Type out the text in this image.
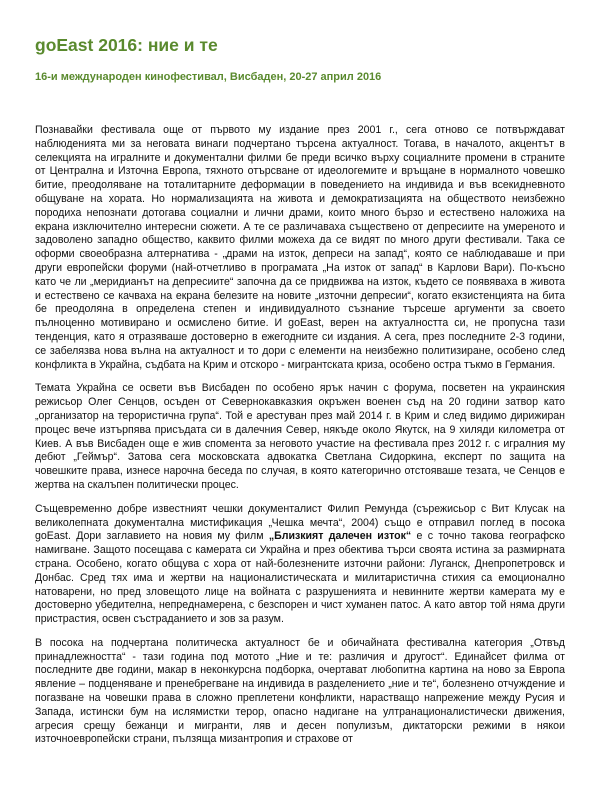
goEast 2016: ние и те
16-и международен кинофестивал, Висбаден, 20-27 април 2016

Познавайки фестивала още от първото му издание през 2001 г., сега отново се потвърждават наблюденията ми за неговата винаги подчертано търсена актуалност. Тогава, в началото, акцентът в селекцията на игралните и документални филми бе преди всичко върху социалните промени в страните от Централна и Източна Европа, тяхното отърсване от идеологемите и връщане в нормалното човешко битие, преодоляване на тоталитарните деформации в поведението на индивида и във всекидневното общуване на хората. Но нормализацията на живота и демократизацията на обществото неизбежно породиха непознати дотогава социални и лични драми, които много бързо и естествено наложиха на екрана изключително интересни сюжети. А те се различаваха съществено от депресиите на умереното и задоволено западно общество, каквито филми можеха да се видят по много други фестивали. Така се оформи своеобразна алтернатива - „драми на изток, депреси на запад“, която се наблюдаваше и при други европейски форуми (най-отчетливо в програмата „На изток от запад“ в Карлови Вари). По-късно като че ли „меридианът на депресиите“ започна да се придвижва на изток, където се появяваха в живота и естествено се качваха на екрана белезите на новите „източни депресии“, когато екзистенцията на бита бе преодоляна в определена степен и индивидуалното съзнание търсеше аргументи за своето пълноценно мотивирано и осмислено битие. И goEast, верен на актуалността си, не пропусна тази тенденция, като я отразяваше достоверно в ежегодните си издания. А сега, през последните 2-3 години, се забелязва нова вълна на актуалност и то дори с елементи на неизбежно политизиране, особено след конфликта в Украйна, съдбата на Крим и отскоро - мигрантската криза, особено остра тъкмо в Германия.

Темата Украйна се освети във Висбаден по особено ярък начин с форума, посветен на украинския режисьор Олег Сенцов, осъден от Севернокавказкия окръжен военен съд на 20 години затвор като „организатор на терористична група“. Той е арестуван през май 2014 г. в Крим и след видимо дирижиран процес вече изтърпява присъдата си в далечния Север, някъде около Якутск, на 9 хиляди километра от Киев. А във Висбаден още е жив спомента за неговото участие на фестивала през 2012 г. с игралния му дебют „Геймър“. Затова сега московската адвокатка Светлана Сидоркина, експерт по защита на човешките права, изнесе нарочна беседа по случая, в която категорично отстояваше тезата, че Сенцов е жертва на скалъпен политически процес.

Същевременно добре известният чешки документалист Филип Ремунда (сърежисьор с Вит Клусак на великолепната документална мистификация „Чешка мечта“, 2004) също е отправил поглед в посока goEast. Дори заглавието на новия му филм „Близкият далечен изток“ е с точно такова географско намигване. Защото посещава с камерата си Украйна и през обектива търси своята истина за размирната страна. Особено, когато общува с хора от най-болезнените източни райони: Луганск, Днепропетровск и Донбас. Сред тях има и жертви на националистическата и милитаристична стихия са емоционално натоварени, но пред зловещото лице на войната с разрушенията и невинните жертви камерата му е достоверно убедителна, непреднамерена, с безспорен и чист хуманен патос. А като автор той няма други пристрастия, освен състраданието и зов за разум.

В посока на подчертана политическа актуалност бе и обичайната фестивална категория „Отвъд принадлежността“ - тази година под мотото „Ние и те: различия и другост“. Единайсет филма от последните две години, макар в неконкурсна подборка, очертават любопитна картина на ново за Европа явление – подценяване и пренебрегване на индивида в разделението „ние и те“, болезнено отчуждение и погазване на човешки права в сложно преплетени конфликти, нарастващо напрежение между Русия и Запада, истински бум на ислямистки терор, опасно надигане на ултранационалистически движения, агресия срещу бежанци и мигранти, ляв и десен популизъм, диктаторски режими в някои източноевропейски страни, пълзяща мизантропия и страхове от
